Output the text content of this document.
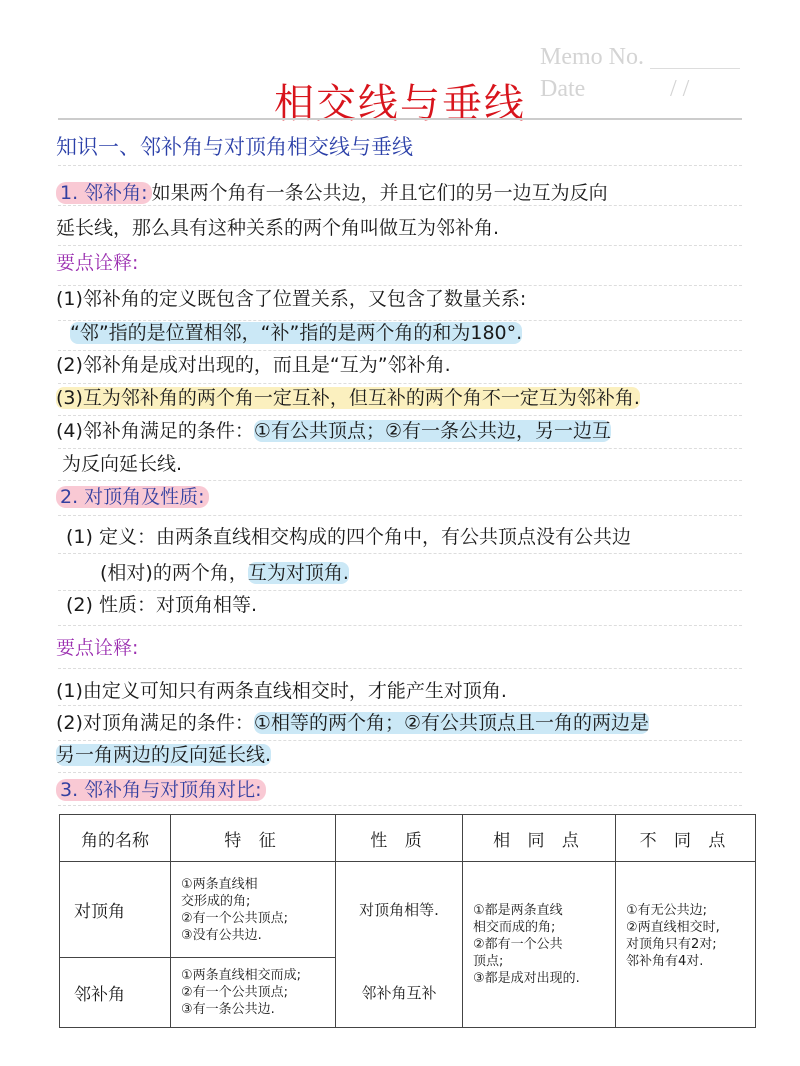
Memo No.
Date	/ /
相交线与垂线
知识一、邻补角与对顶角相交线与垂线
1. 邻补角: 如果两个角有一条公共边，并且它们的另一边互为反向
延长线，那么具有这种关系的两个角叫做互为邻补角.
要点诠释:
(1)邻补角的定义既包含了位置关系，又包含了数量关系:
“邻”指的是位置相邻，“补”指的是两个角的和为180°.
(2)邻补角是成对出现的，而且是“互为”邻补角.
(3)互为邻补角的两个角一定互补，但互补的两个角不一定互为邻补角.
(4)邻补角满足的条件：①有公共顶点；②有一条公共边，另一边互
为反向延长线.
2. 对顶角及性质:
(1) 定义：由两条直线相交构成的四个角中，有公共顶点没有公共边
(相对)的两个角，互为对顶角.
(2) 性质：对顶角相等.
要点诠释:
(1)由定义可知只有两条直线相交时，才能产生对顶角.
(2)对顶角满足的条件：①相等的两个角；②有公共顶点且一角的两边是
另一角两边的反向延长线.
3. 邻补角与对顶角对比:
角的名称	特 征	性 质	相 同 点	不 同 点
对顶角	①两条直线相
交形成的角;
②有一个公共顶点;
③没有公共边.	对顶角相等.	①都是两条直线
相交而成的角;
②都有一个公共
顶点;
③都是成对出现的.	①有无公共边;
②两直线相交时,
对顶角只有2对;
邻补角有4对.
邻补角	①两条直线相交而成;
②有一个公共顶点;
③有一条公共边.	邻补角互补		
